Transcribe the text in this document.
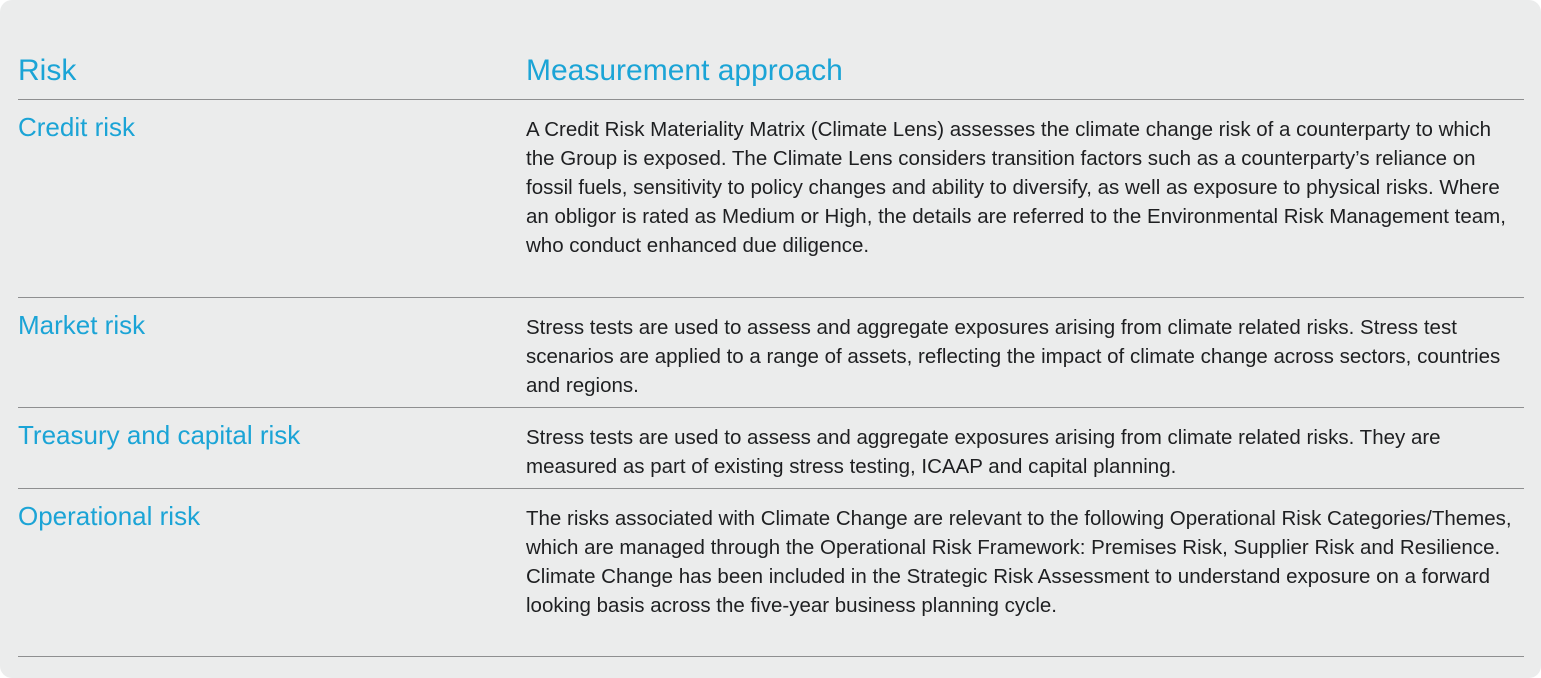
Risk	Measurement approach
Credit risk	A Credit Risk Materiality Matrix (Climate Lens) assesses the climate change risk of a counterparty to which the Group is exposed. The Climate Lens considers transition factors such as a counterparty’s reliance on fossil fuels, sensitivity to policy changes and ability to diversify, as well as exposure to physical risks. Where an obligor is rated as Medium or High, the details are referred to the Environmental Risk Management team, who conduct enhanced due diligence.
Market risk	Stress tests are used to assess and aggregate exposures arising from climate related risks. Stress test scenarios are applied to a range of assets, reflecting the impact of climate change across sectors, countries and regions.
Treasury and capital risk	Stress tests are used to assess and aggregate exposures arising from climate related risks. They are measured as part of existing stress testing, ICAAP and capital planning.
Operational risk	The risks associated with Climate Change are relevant to the following Operational Risk Categories/Themes, which are managed through the Operational Risk Framework: Premises Risk, Supplier Risk and Resilience. Climate Change has been included in the Strategic Risk Assessment to understand exposure on a forward looking basis across the five-year business planning cycle.
